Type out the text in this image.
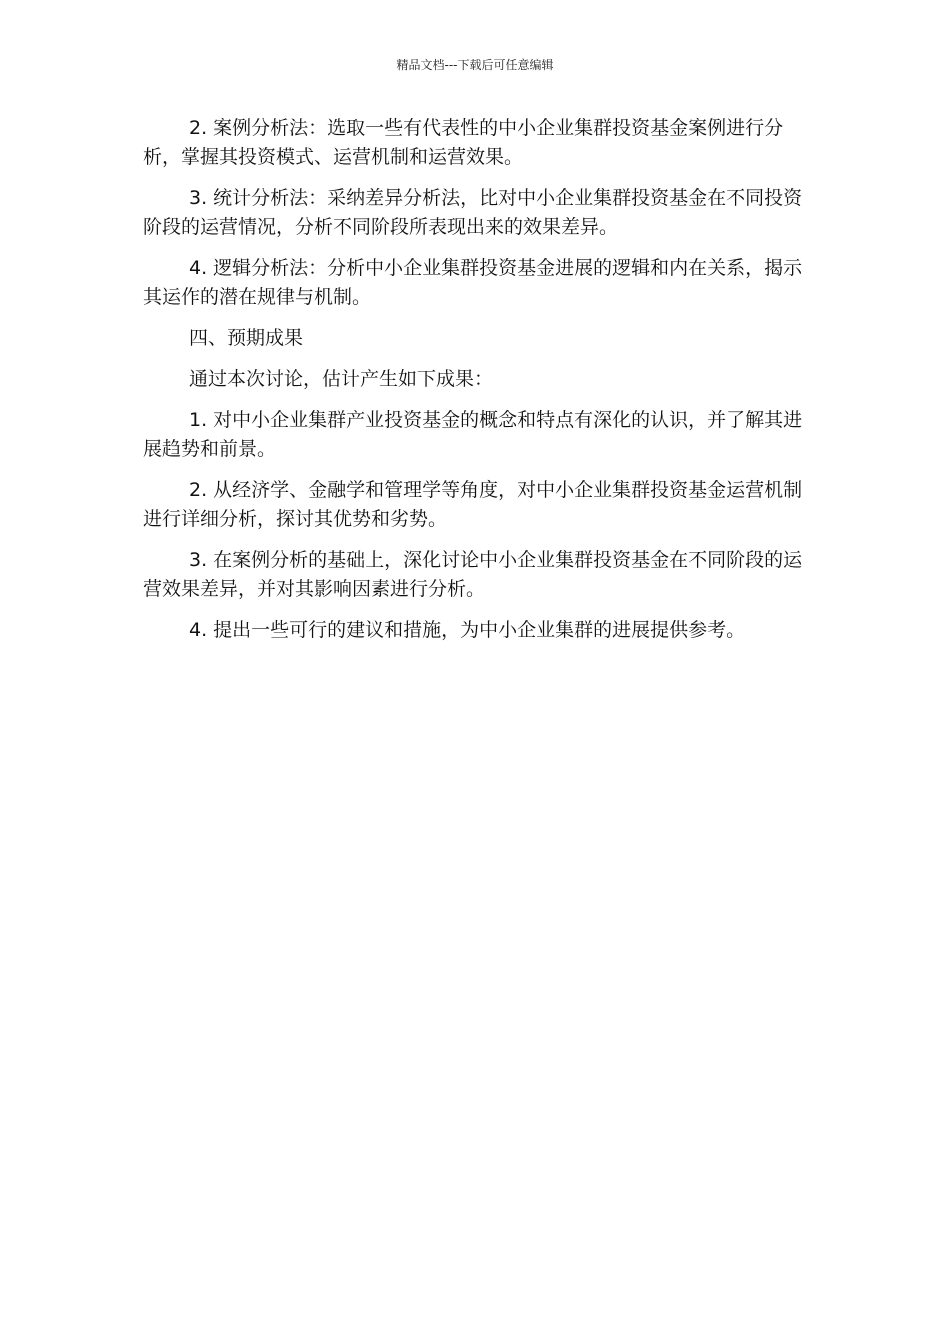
精品文档---下载后可任意编辑

2. 案例分析法：选取一些有代表性的中小企业集群投资基金案例进行分析，掌握其投资模式、运营机制和运营效果。

3. 统计分析法：采纳差异分析法，比对中小企业集群投资基金在不同投资阶段的运营情况，分析不同阶段所表现出来的效果差异。

4. 逻辑分析法：分析中小企业集群投资基金进展的逻辑和内在关系，揭示其运作的潜在规律与机制。

四、预期成果

通过本次讨论，估计产生如下成果：

1. 对中小企业集群产业投资基金的概念和特点有深化的认识，并了解其进展趋势和前景。

2. 从经济学、金融学和管理学等角度，对中小企业集群投资基金运营机制进行详细分析，探讨其优势和劣势。

3. 在案例分析的基础上，深化讨论中小企业集群投资基金在不同阶段的运营效果差异，并对其影响因素进行分析。

4. 提出一些可行的建议和措施，为中小企业集群的进展提供参考。
